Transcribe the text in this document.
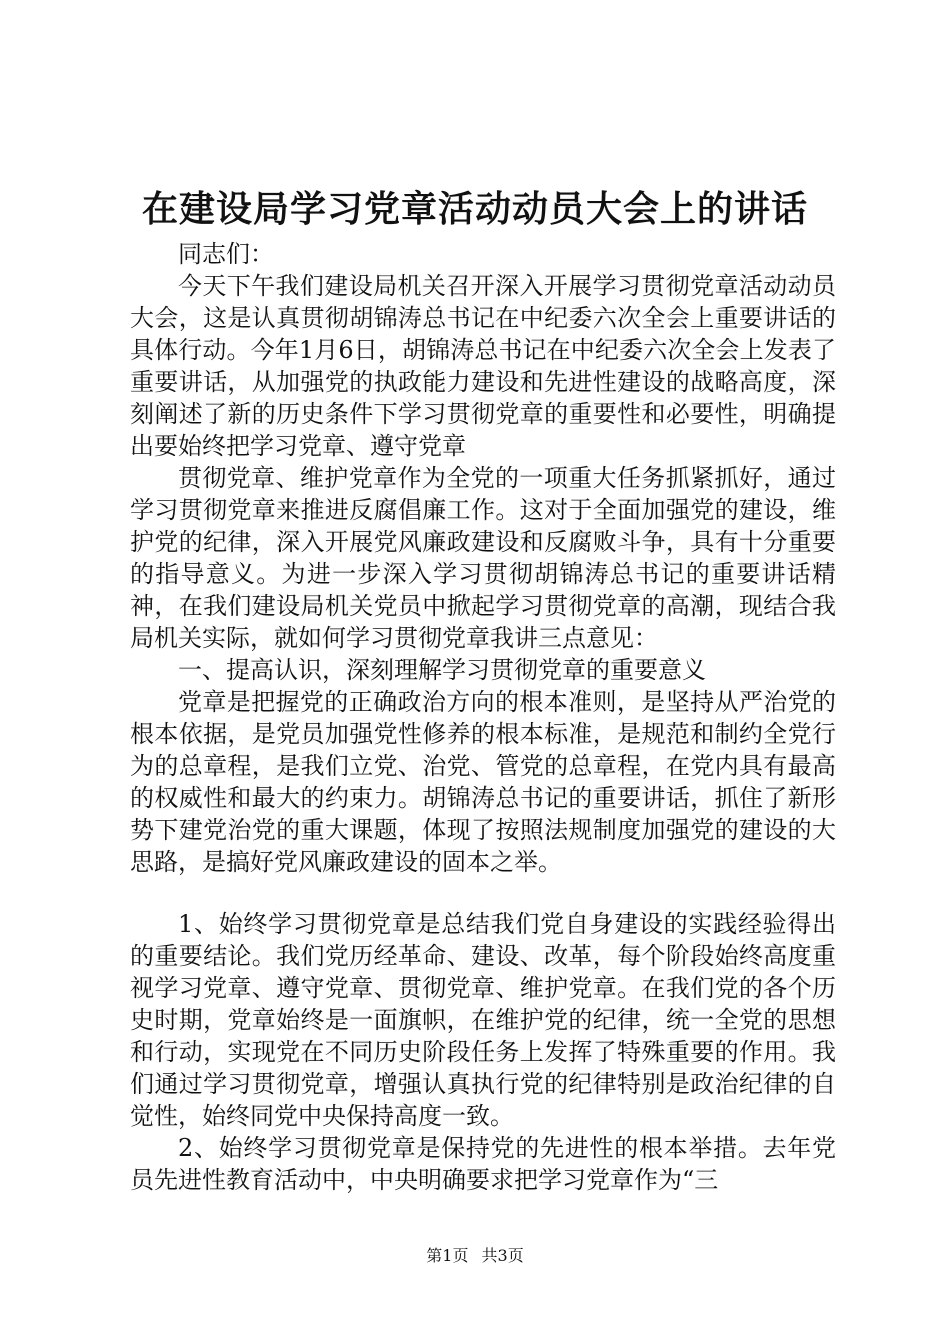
在建设局学习党章活动动员大会上的讲话

同志们：

今天下午我们建设局机关召开深入开展学习贯彻党章活动动员大会，这是认真贯彻胡锦涛总书记在中纪委六次全会上重要讲话的具体行动。今年1月6日，胡锦涛总书记在中纪委六次全会上发表了重要讲话，从加强党的执政能力建设和先进性建设的战略高度，深刻阐述了新的历史条件下学习贯彻党章的重要性和必要性，明确提出要始终把学习党章、遵守党章

贯彻党章、维护党章作为全党的一项重大任务抓紧抓好，通过学习贯彻党章来推进反腐倡廉工作。这对于全面加强党的建设，维护党的纪律，深入开展党风廉政建设和反腐败斗争，具有十分重要的指导意义。为进一步深入学习贯彻胡锦涛总书记的重要讲话精神，在我们建设局机关党员中掀起学习贯彻党章的高潮，现结合我局机关实际，就如何学习贯彻党章我讲三点意见：

一、提高认识，深刻理解学习贯彻党章的重要意义

党章是把握党的正确政治方向的根本准则，是坚持从严治党的根本依据，是党员加强党性修养的根本标准，是规范和制约全党行为的总章程，是我们立党、治党、管党的总章程，在党内具有最高的权威性和最大的约束力。胡锦涛总书记的重要讲话，抓住了新形势下建党治党的重大课题，体现了按照法规制度加强党的建设的大思路，是搞好党风廉政建设的固本之举。

1、始终学习贯彻党章是总结我们党自身建设的实践经验得出的重要结论。我们党历经革命、建设、改革，每个阶段始终高度重视学习党章、遵守党章、贯彻党章、维护党章。在我们党的各个历史时期，党章始终是一面旗帜，在维护党的纪律，统一全党的思想和行动，实现党在不同历史阶段任务上发挥了特殊重要的作用。我们通过学习贯彻党章，增强认真执行党的纪律特别是政治纪律的自觉性，始终同党中央保持高度一致。

2、始终学习贯彻党章是保持党的先进性的根本举措。去年党员先进性教育活动中，中央明确要求把学习党章作为“三

第1页 共3页
